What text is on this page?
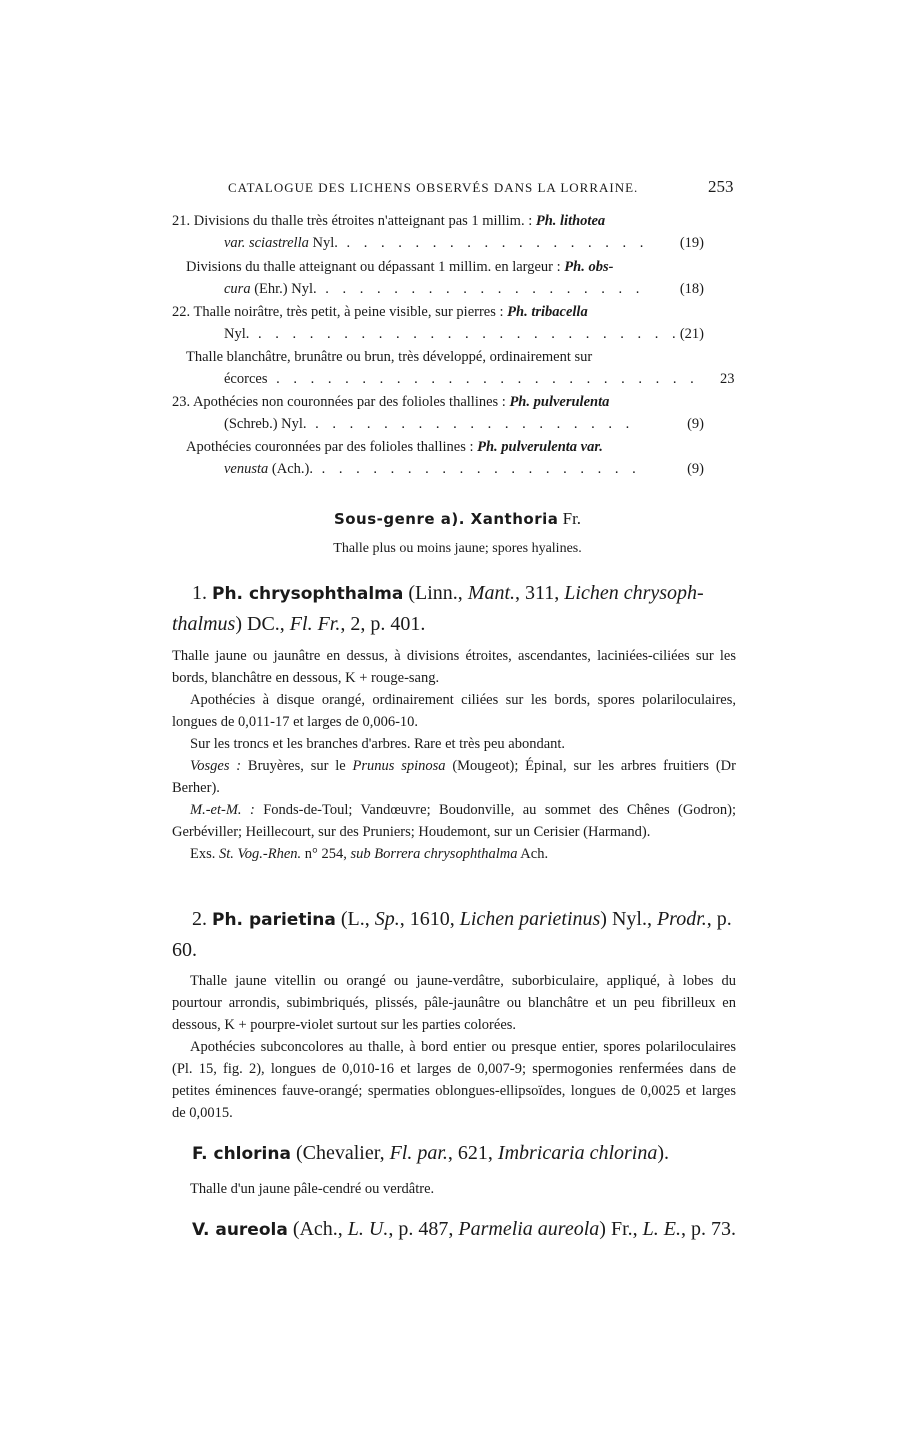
CATALOGUE DES LICHENS OBSERVÉS DANS LA LORRAINE.	253
21. Divisions du thalle très étroites n'atteignant pas 1 millim. : Ph. lithotea
var. sciastrella Nyl. . . . . . . . . . . . . . . . . . . (19)
Divisions du thalle atteignant ou dépassant 1 millim. en largeur : Ph. obs-
cura (Ehr.) Nyl. . . . . . . . . . . . . . . . . . . . (18)
22. Thalle noirâtre, très petit, à peine visible, sur pierres : Ph. tribacella
Nyl. . . . . . . . . . . . . . . . . . . . . . . . . . (21)
Thalle blanchâtre, brunâtre ou brun, très développé, ordinairement sur
écorces . . . . . . . . . . . . . . . . . . . . . . . . . 23
23. Apothécies non couronnées par des folioles thallines : Ph. pulverulenta
(Schreb.) Nyl. . . . . . . . . . . . . . . . . . . .	(9)
Apothécies couronnées par des folioles thallines : Ph. pulverulenta var.
venusta (Ach.). . . . . . . . . . . . . . . . . . . .	(9)
Sous-genre a). Xanthoria Fr.
Thalle plus ou moins jaune; spores hyalines.
1. Ph. chrysophthalma (Linn., Mant., 311, Lichen chrysoph-thalmus) DC., Fl. Fr., 2, p. 401.

Thalle jaune ou jaunâtre en dessus, à divisions étroites, ascendantes, laciniées-ciliées sur les bords, blanchâtre en dessous, K + rouge-sang.

Apothécies à disque orangé, ordinairement ciliées sur les bords, spores polariloculaires, longues de 0,011-17 et larges de 0,006-10.

Sur les troncs et les branches d'arbres. Rare et très peu abondant.

Vosges : Bruyères, sur le Prunus spinosa (Mougeot); Épinal, sur les arbres fruitiers (Dr Berher).

M.-et-M. : Fonds-de-Toul; Vandœuvre; Boudonville, au sommet des Chênes (Godron); Gerbéviller; Heillecourt, sur des Pruniers; Houdemont, sur un Cerisier (Harmand).

Exs. St. Vog.-Rhen. n° 254, sub Borrera chrysophthalma Ach.

2. Ph. parietina (L., Sp., 1610, Lichen parietinus) Nyl., Prodr., p. 60.

Thalle jaune vitellin ou orangé ou jaune-verdâtre, suborbiculaire, appliqué, à lobes du pourtour arrondis, subimbriqués, plissés, pâle-jaunâtre ou blanchâtre et un peu fibrilleux en dessous, K + pourpre-violet surtout sur les parties colorées.

Apothécies subconcolores au thalle, à bord entier ou presque entier, spores polariloculaires (Pl. 15, fig. 2), longues de 0,010-16 et larges de 0,007-9; spermogonies renfermées dans de petites éminences fauve-orangé; spermaties oblongues-ellipsoïdes, longues de 0,0025 et larges de 0,0015.

F. chlorina (Chevalier, Fl. par., 621, Imbricaria chlorina).

Thalle d'un jaune pâle-cendré ou verdâtre.

V. aureola (Ach., L. U., p. 487, Parmelia aureola) Fr., L. E., p. 73.
